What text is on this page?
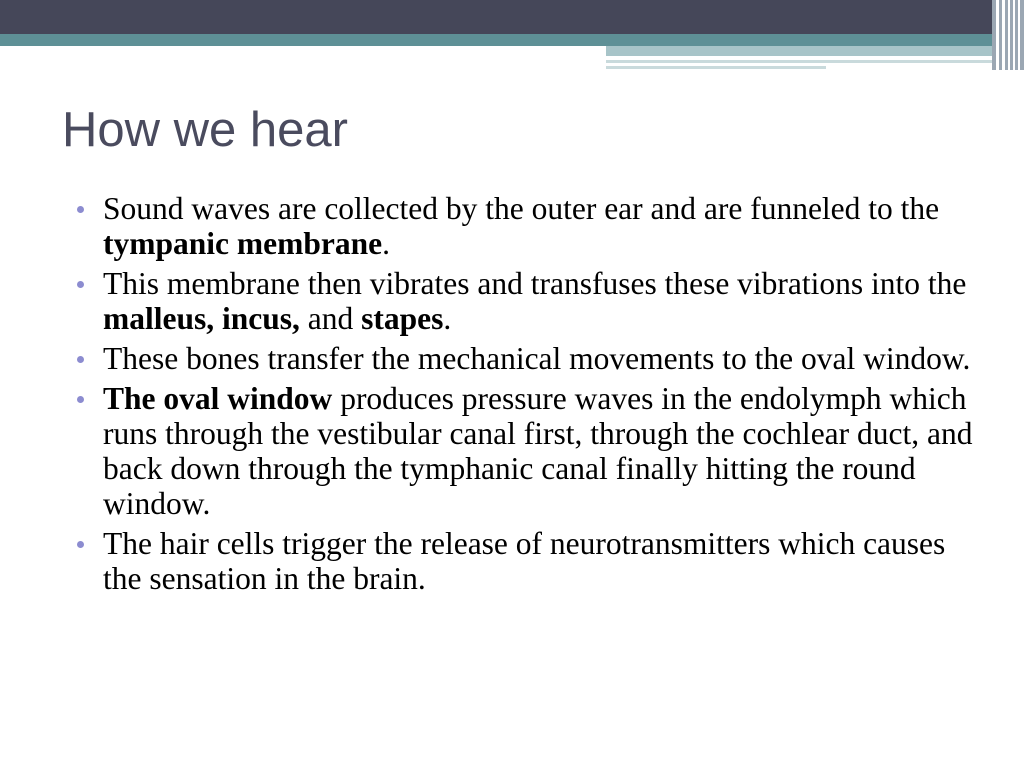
How we hear
Sound waves are collected by the outer ear and are funneled to the tympanic membrane.
This membrane then vibrates and transfuses these vibrations into the malleus, incus, and stapes.
These bones transfer the mechanical movements to the oval window.
The oval window produces pressure waves in the endolymph which runs through the vestibular canal first, through the cochlear duct, and back down through the tymphanic canal finally hitting the round window.
The hair cells trigger the release of neurotransmitters which causes the sensation in the brain.
